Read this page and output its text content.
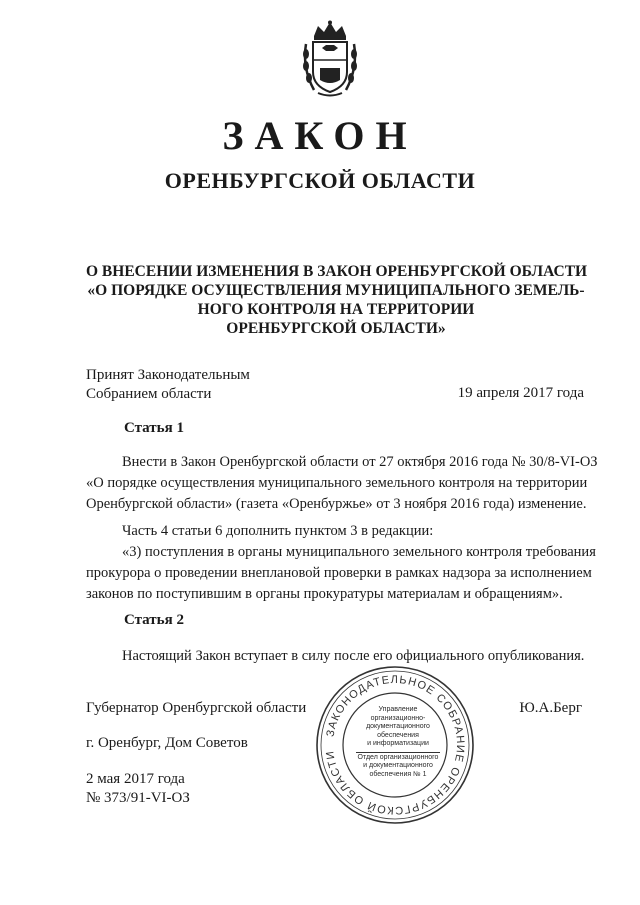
ЗАКОН
ОРЕНБУРГСКОЙ ОБЛАСТИ
О ВНЕСЕНИИ ИЗМЕНЕНИЯ В ЗАКОН ОРЕНБУРГСКОЙ ОБЛАСТИ
«О ПОРЯДКЕ ОСУЩЕСТВЛЕНИЯ МУНИЦИПАЛЬНОГО ЗЕМЕЛЬ-
НОГО КОНТРОЛЯ НА ТЕРРИТОРИИ
ОРЕНБУРГСКОЙ ОБЛАСТИ»
Принят Законодательным
Собранием области	19 апреля 2017 года
Статья 1
Внести в Закон Оренбургской области от 27 октября 2016 года № 30/8-VI-ОЗ
«О порядке осуществления муниципального земельного контроля на территории
Оренбургской области» (газета «Оренбуржье» от 3 ноября 2016 года) изменение.
Часть 4 статьи 6 дополнить пунктом 3 в редакции:
«3) поступления в органы муниципального земельного контроля требования
прокурора о проведении внеплановой проверки в рамках надзора за исполнением
законов по поступившим в органы прокуратуры материалам и обращениям».
Статья 2
Настоящий Закон вступает в силу после его официального опубликования.
Губернатор Оренбургской области	Ю.А.Берг
г. Оренбург, Дом Советов
2 мая 2017 года
№ 373/91-VI-ОЗ
ЗАКОНОДАТЕЛЬНОЕ СОБРАНИЕ ОРЕНБУРГСКОЙ ОБЛАСТИ
Управление
организационно-
документационного
обеспечения
и информатизации
Отдел организационного
и документационного
обеспечения № 1
